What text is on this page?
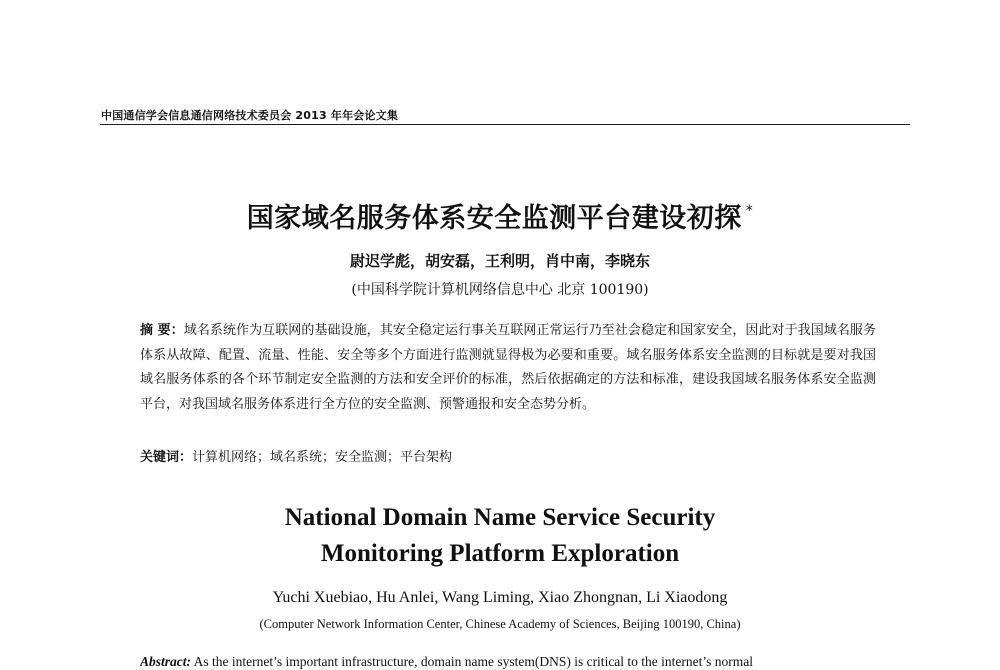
中国通信学会信息通信网络技术委员会 2013 年年会论文集
国家域名服务体系安全监测平台建设初探 *
尉迟学彪，胡安磊，王利明，肖中南，李晓东
(中国科学院计算机网络信息中心 北京 100190)
摘 要：域名系统作为互联网的基础设施，其安全稳定运行事关互联网正常运行乃至社会稳定和国家安全，因此对于我国域名服务体系从故障、配置、流量、性能、安全等多个方面进行监测就显得极为必要和重要。域名服务体系安全监测的目标就是要对我国域名服务体系的各个环节制定安全监测的方法和安全评价的标准，然后依据确定的方法和标准，建设我国域名服务体系安全监测平台，对我国域名服务体系进行全方位的安全监测、预警通报和安全态势分析。
关键词：计算机网络；域名系统；安全监测；平台架构
National Domain Name Service Security
Monitoring Platform Exploration
Yuchi Xuebiao, Hu Anlei, Wang Liming, Xiao Zhongnan, Li Xiaodong
(Computer Network Information Center, Chinese Academy of Sciences, Beijing 100190, China)
Abstract: As the internet’s important infrastructure, domain name system(DNS) is critical to the internet’s normal
